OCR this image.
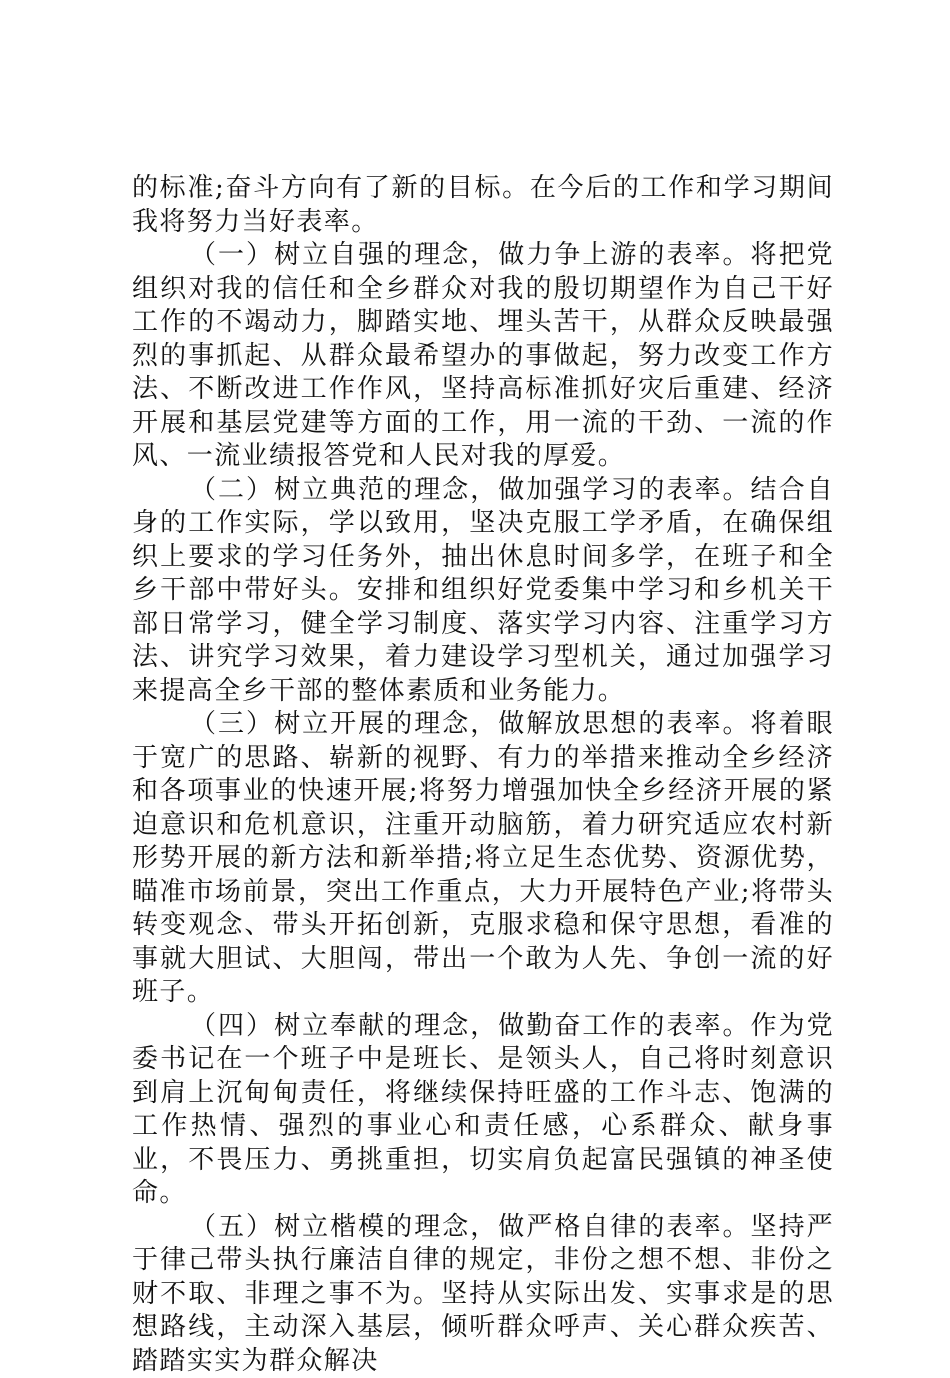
的标准;奋斗方向有了新的目标。在今后的工作和学习期间我将努力当好表率。

（一）树立自强的理念，做力争上游的表率。将把党组织对我的信任和全乡群众对我的殷切期望作为自己干好工作的不竭动力，脚踏实地、埋头苦干，从群众反映最强烈的事抓起、从群众最希望办的事做起，努力改变工作方法、不断改进工作作风，坚持高标准抓好灾后重建、经济开展和基层党建等方面的工作，用一流的干劲、一流的作风、一流业绩报答党和人民对我的厚爱。

（二）树立典范的理念，做加强学习的表率。结合自身的工作实际，学以致用，坚决克服工学矛盾，在确保组织上要求的学习任务外，抽出休息时间多学，在班子和全乡干部中带好头。安排和组织好党委集中学习和乡机关干部日常学习，健全学习制度、落实学习内容、注重学习方法、讲究学习效果，着力建设学习型机关，通过加强学习来提高全乡干部的整体素质和业务能力。

（三）树立开展的理念，做解放思想的表率。将着眼于宽广的思路、崭新的视野、有力的举措来推动全乡经济和各项事业的快速开展;将努力增强加快全乡经济开展的紧迫意识和危机意识，注重开动脑筋，着力研究适应农村新形势开展的新方法和新举措;将立足生态优势、资源优势，瞄准市场前景，突出工作重点，大力开展特色产业;将带头转变观念、带头开拓创新，克服求稳和保守思想，看准的事就大胆试、大胆闯，带出一个敢为人先、争创一流的好班子。

（四）树立奉献的理念，做勤奋工作的表率。作为党委书记在一个班子中是班长、是领头人，自己将时刻意识到肩上沉甸甸责任，将继续保持旺盛的工作斗志、饱满的工作热情、强烈的事业心和责任感，心系群众、献身事业，不畏压力、勇挑重担，切实肩负起富民强镇的神圣使命。

（五）树立楷模的理念，做严格自律的表率。坚持严于律己带头执行廉洁自律的规定，非份之想不想、非份之财不取、非理之事不为。坚持从实际出发、实事求是的思想路线，主动深入基层，倾听群众呼声、关心群众疾苦、踏踏实实为群众解决
